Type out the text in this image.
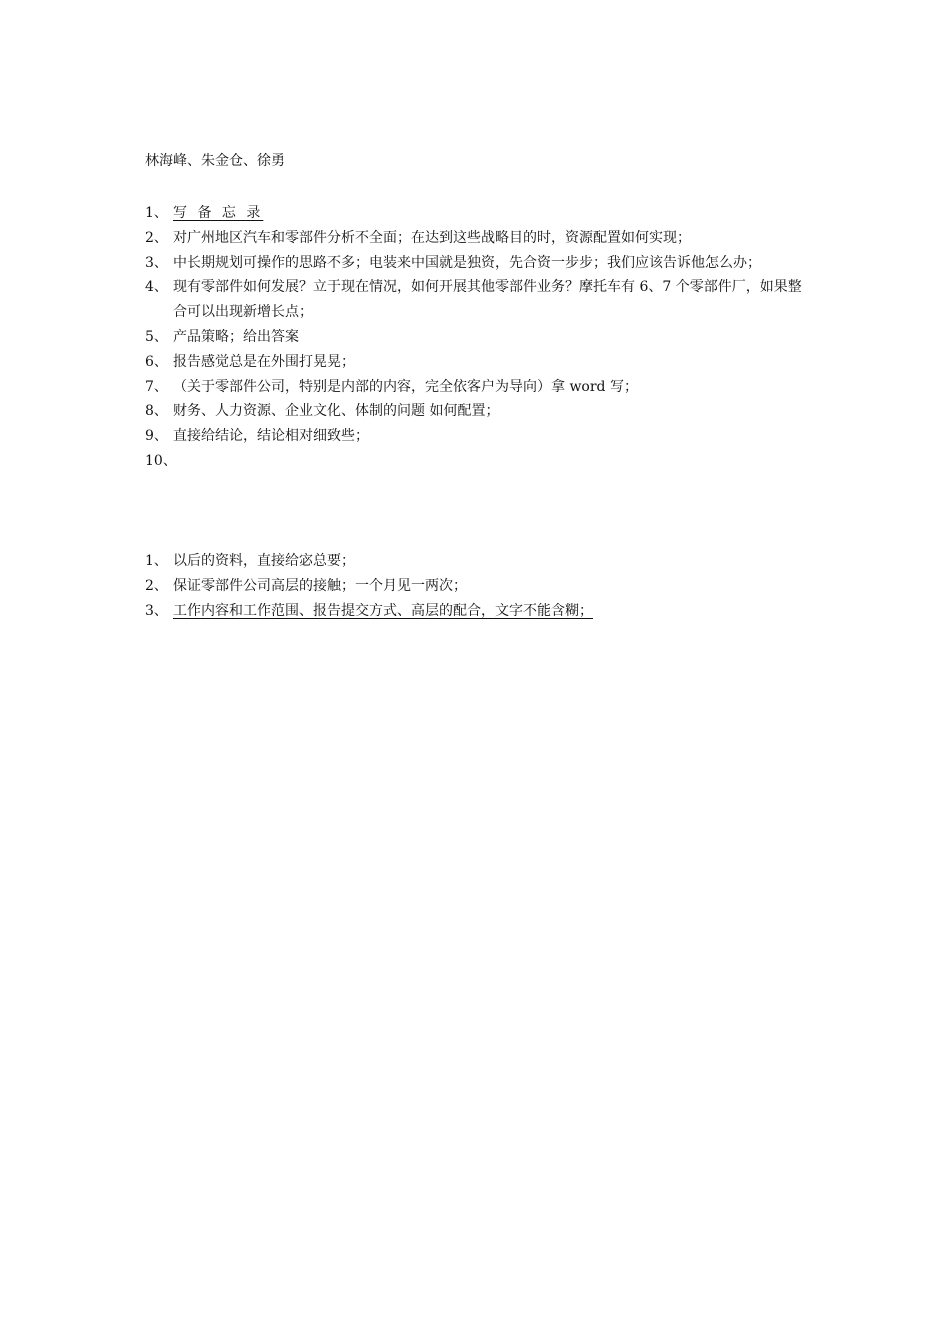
林海峰、朱金仓、徐勇
1、 写 备 忘 录
2、 对广州地区汽车和零部件分析不全面；在达到这些战略目的时，资源配置如何实现；
3、 中长期规划可操作的思路不多；电装来中国就是独资，先合资一步步；我们应该告诉他怎么办；
4、 现有零部件如何发展？立于现在情况，如何开展其他零部件业务？摩托车有 6、7 个零部件厂，如果整合可以出现新增长点；
5、 产品策略；给出答案
6、 报告感觉总是在外围打晃晃；
7、 （关于零部件公司，特别是内部的内容，完全依客户为导向）拿 word 写；
8、 财务、人力资源、企业文化、体制的问题 如何配置；
9、 直接给结论，结论相对细致些；
10、
1、 以后的资料，直接给宓总要；
2、 保证零部件公司高层的接触；一个月见一两次；
3、 工作内容和工作范围、报告提交方式、高层的配合，文字不能含糊；
